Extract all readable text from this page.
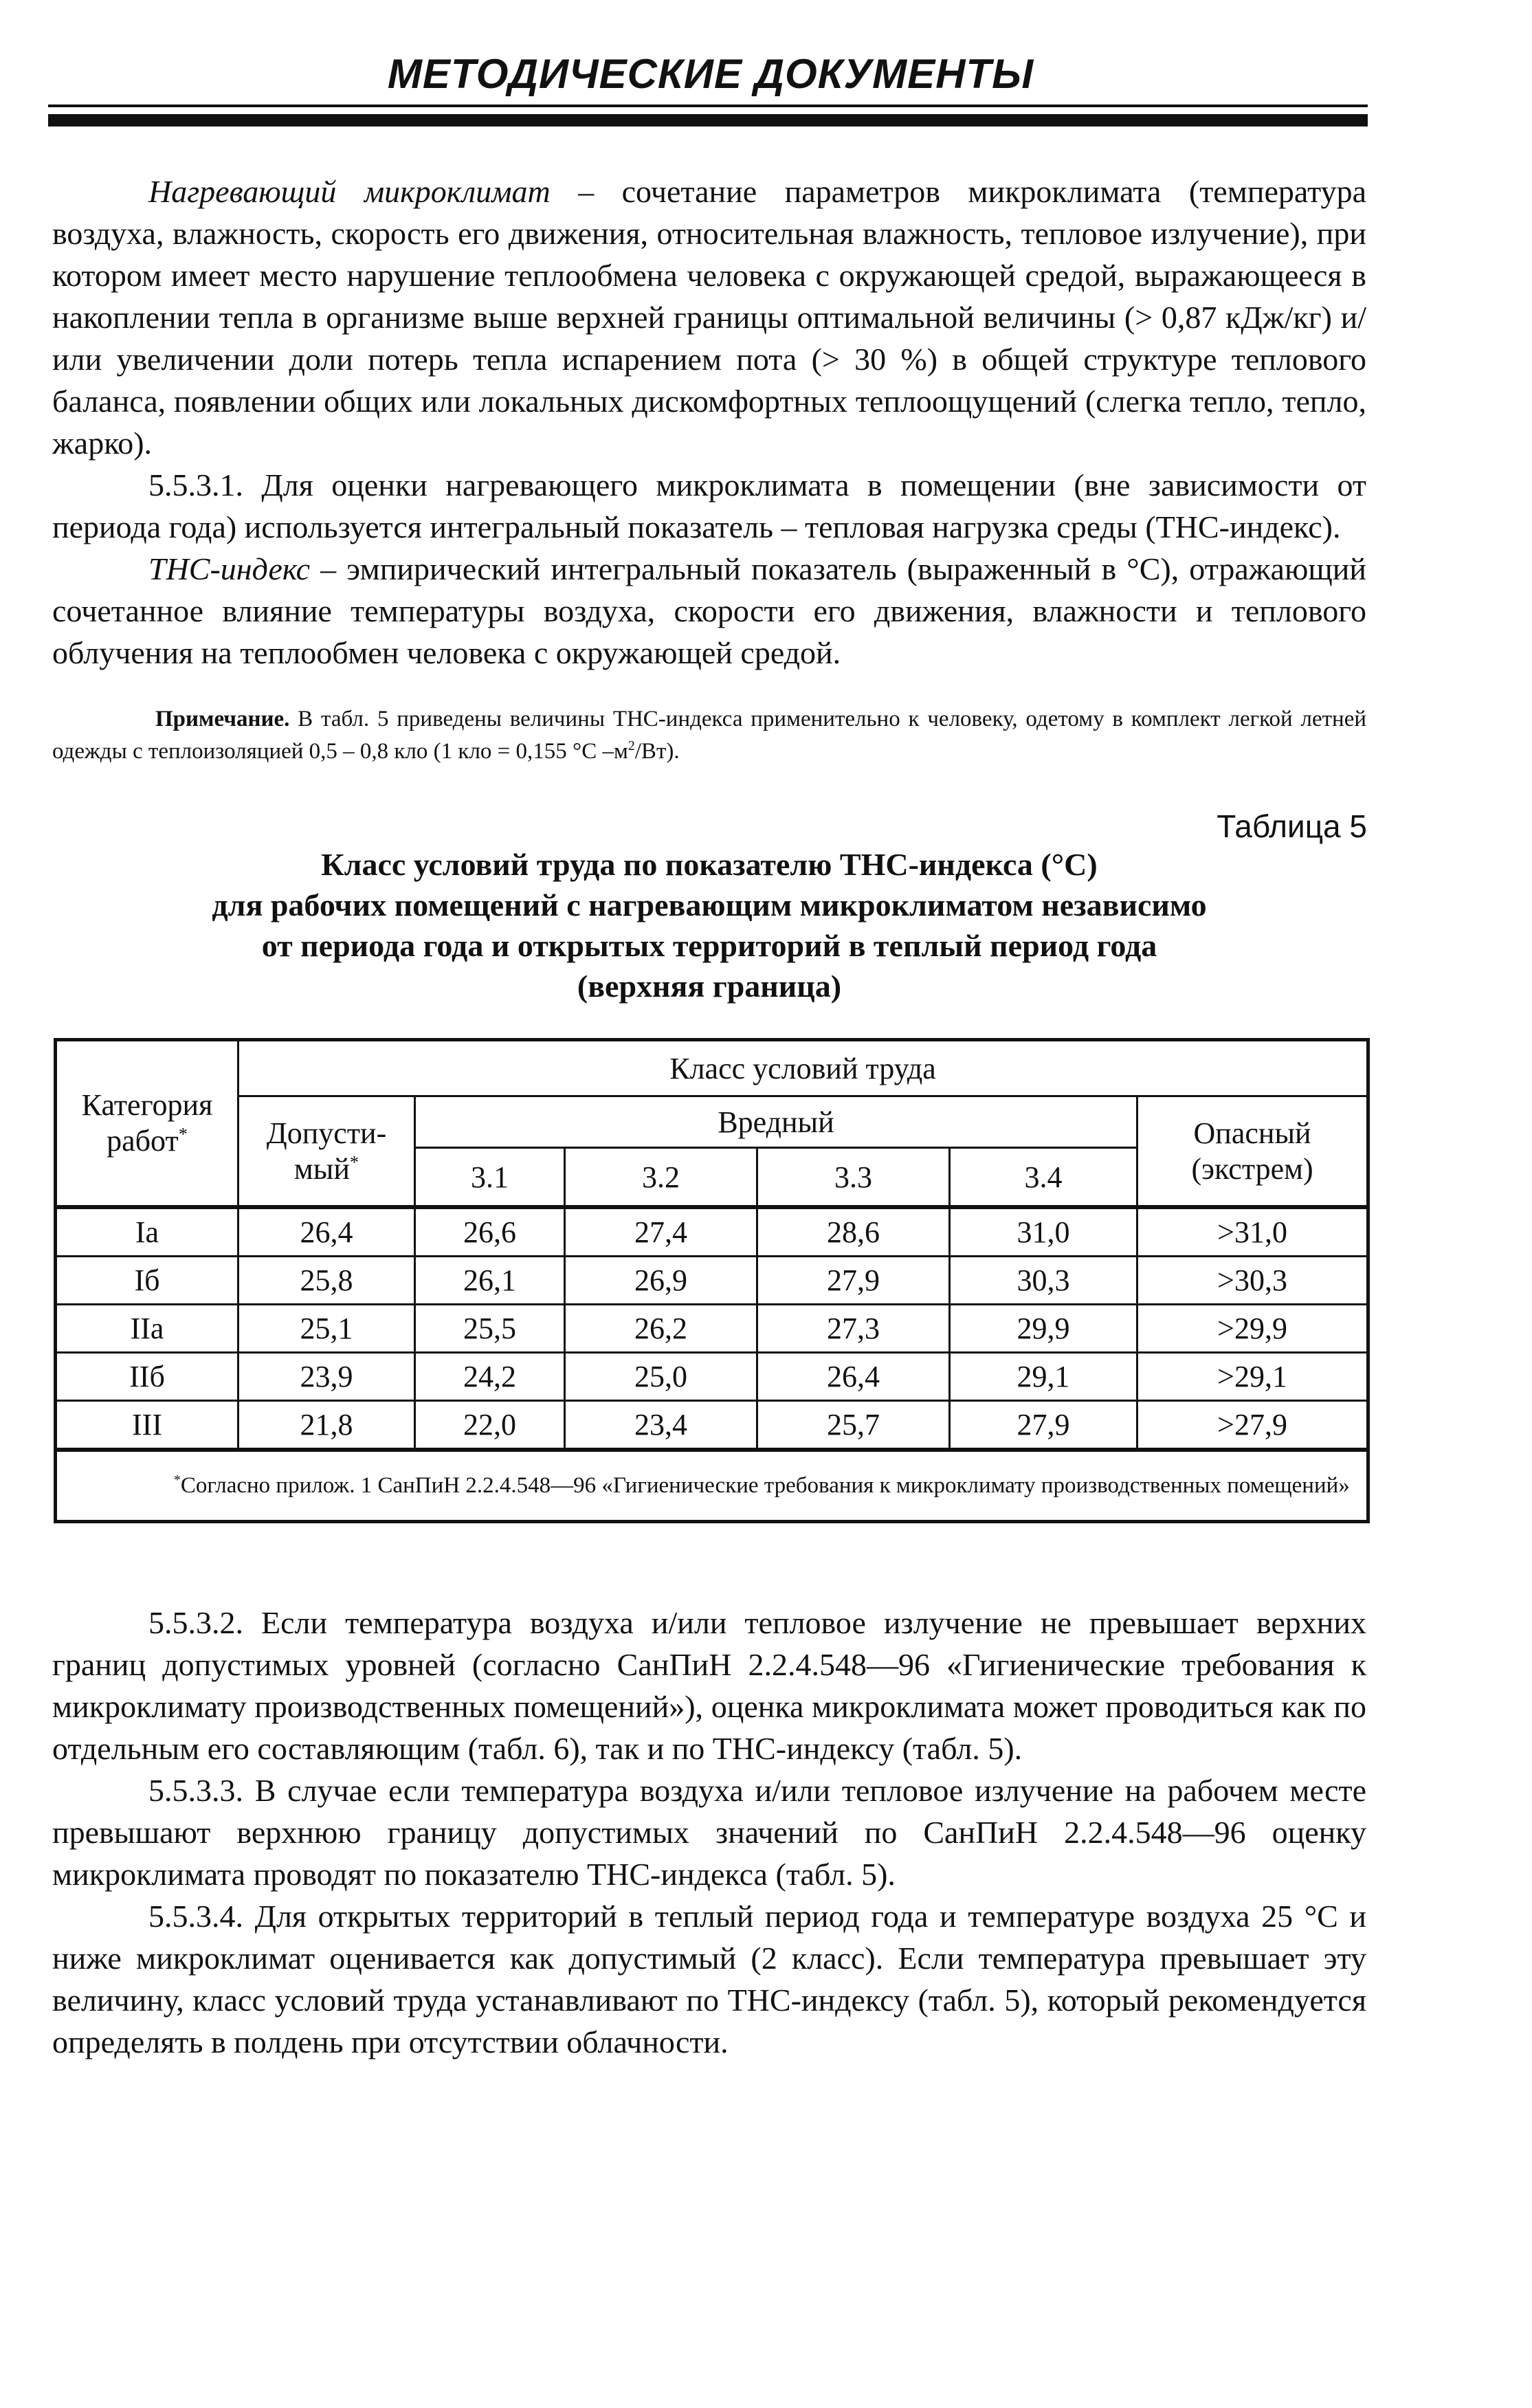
МЕТОДИЧЕСКИЕ ДОКУМЕНТЫ

Нагревающий микроклимат – сочетание параметров микроклимата (температура воздуха, влажность, скорость его движения, относительная влажность, тепловое излучение), при котором имеет место нарушение теплообмена человека с окружающей средой, выражающееся в накоплении тепла в организме выше верхней границы оптимальной величины (> 0,87 кДж/кг) и/или увеличении доли потерь тепла испарением пота (> 30 %) в общей структуре теплового баланса, появлении общих или локальных дискомфортных теплоощущений (слегка тепло, тепло, жарко).

5.5.3.1. Для оценки нагревающего микроклимата в помещении (вне зависимости от периода года) используется интегральный показатель – тепловая нагрузка среды (ТНС-индекс).

ТНС-индекс – эмпирический интегральный показатель (выраженный в °С), отражающий сочетанное влияние температуры воздуха, скорости его движения, влажности и теплового облучения на теплообмен человека с окружающей средой.

Примечание. В табл. 5 приведены величины ТНС-индекса применительно к человеку, одетому в комплект легкой летней одежды с теплоизоляцией 0,5 – 0,8 кло (1 кло = 0,155 °С $-м^2/Вт$).

Таблица 5
Класс условий труда по показателю ТНС-индекса (°С)
для рабочих помещений с нагревающим микроклиматом независимо
от периода года и открытых территорий в теплый период года
(верхняя граница)
Категория работ*	Класс условий труда					
	Допусти-мый*	Вредный				Опасный (экстрем)
		3.1	3.2	3.3	3.4	
Ia	26,4	26,6	27,4	28,6	31,0	>31,0
Iб	25,8	26,1	26,9	27,9	30,3	>30,3
IIa	25,1	25,5	26,2	27,3	29,9	>29,9
IIб	23,9	24,2	25,0	26,4	29,1	>29,1
III	21,8	22,0	23,4	25,7	27,9	>27,9
*Согласно прилож. 1 СанПиН 2.2.4.548—96 «Гигиенические требования к микроклимату производственных помещений»						

5.5.3.2. Если температура воздуха и/или тепловое излучение не превышает верхних границ допустимых уровней (согласно СанПиН 2.2.4.548—96 «Гигиенические требования к микроклимату производственных помещений»), оценка микроклимата может проводиться как по отдельным его составляющим (табл. 6), так и по ТНС-индексу (табл. 5).

5.5.3.3. В случае если температура воздуха и/или тепловое излучение на рабочем месте превышают верхнюю границу допустимых значений по СанПиН 2.2.4.548—96 оценку микроклимата проводят по показателю ТНС-индекса (табл. 5).

5.5.3.4. Для открытых территорий в теплый период года и температуре воздуха 25 °С и ниже микроклимат оценивается как допустимый (2 класс). Если температура превышает эту величину, класс условий труда устанавливают по ТНС-индексу (табл. 5), который рекомендуется определять в полдень при отсутствии облачности.
